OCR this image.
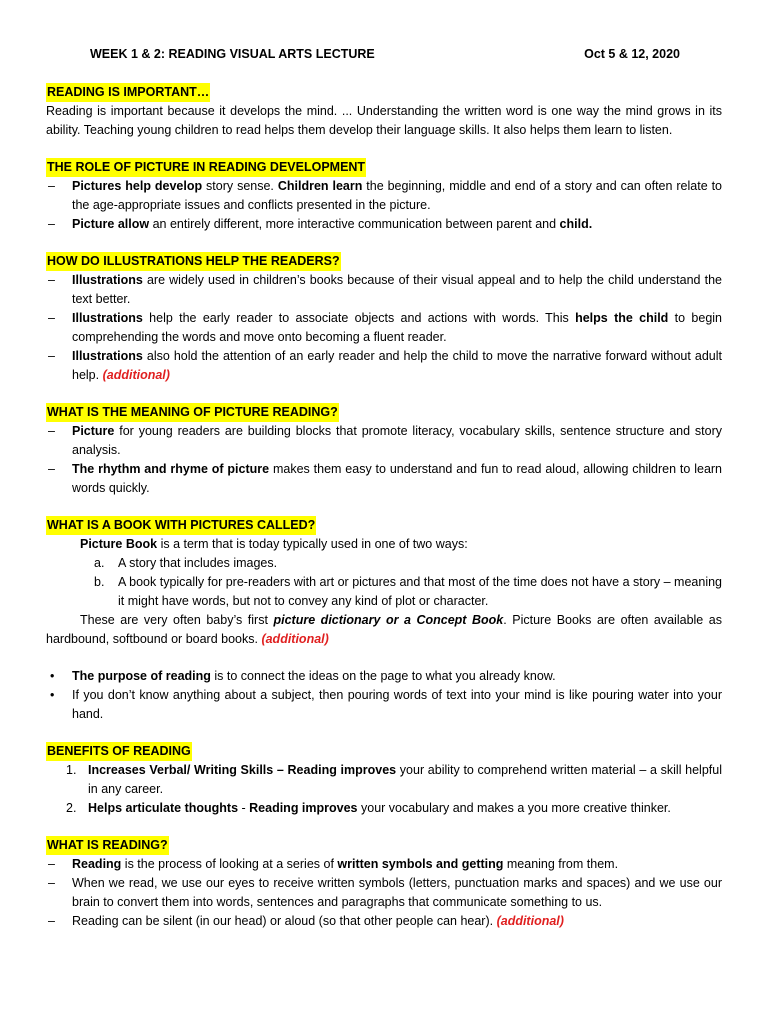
WEEK 1 & 2: READING VISUAL ARTS LECTURE	Oct 5 & 12, 2020
READING IS IMPORTANT…
Reading is important because it develops the mind. ... Understanding the written word is one way the mind grows in its ability. Teaching young children to read helps them develop their language skills. It also helps them learn to listen.
THE ROLE OF PICTURE IN READING DEVELOPMENT
– Pictures help develop story sense. Children learn the beginning, middle and end of a story and can often relate to the age-appropriate issues and conflicts presented in the picture.
– Picture allow an entirely different, more interactive communication between parent and child.
HOW DO ILLUSTRATIONS HELP THE READERS?
– Illustrations are widely used in children’s books because of their visual appeal and to help the child understand the text better.
– Illustrations help the early reader to associate objects and actions with words. This helps the child to begin comprehending the words and move onto becoming a fluent reader.
– Illustrations also hold the attention of an early reader and help the child to move the narrative forward without adult help. (additional)
WHAT IS THE MEANING OF PICTURE READING?
– Picture for young readers are building blocks that promote literacy, vocabulary skills, sentence structure and story analysis.
– The rhythm and rhyme of picture makes them easy to understand and fun to read aloud, allowing children to learn words quickly.
WHAT IS A BOOK WITH PICTURES CALLED?
Picture Book is a term that is today typically used in one of two ways:
a. A story that includes images.
b. A book typically for pre-readers with art or pictures and that most of the time does not have a story – meaning it might have words, but not to convey any kind of plot or character.
These are very often baby’s first picture dictionary or a Concept Book. Picture Books are often available as hardbound, softbound or board books. (additional)
• The purpose of reading is to connect the ideas on the page to what you already know.
• If you don’t know anything about a subject, then pouring words of text into your mind is like pouring water into your hand.
BENEFITS OF READING
1. Increases Verbal/ Writing Skills – Reading improves your ability to comprehend written material – a skill helpful in any career.
2. Helps articulate thoughts - Reading improves your vocabulary and makes a you more creative thinker.
WHAT IS READING?
– Reading is the process of looking at a series of written symbols and getting meaning from them.
– When we read, we use our eyes to receive written symbols (letters, punctuation marks and spaces) and we use our brain to convert them into words, sentences and paragraphs that communicate something to us.
– Reading can be silent (in our head) or aloud (so that other people can hear). (additional)
